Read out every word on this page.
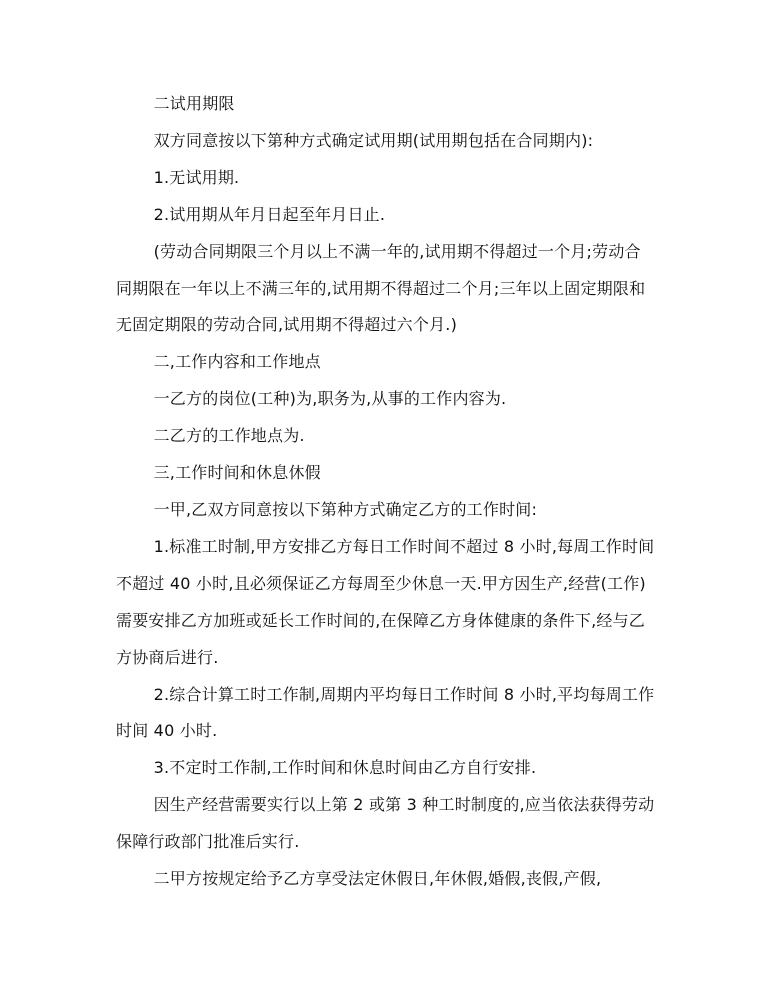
二试用期限

双方同意按以下第种方式确定试用期(试用期包括在合同期内):

1.无试用期.

2.试用期从年月日起至年月日止.

(劳动合同期限三个月以上不满一年的,试用期不得超过一个月;劳动合同期限在一年以上不满三年的,试用期不得超过二个月;三年以上固定期限和无固定期限的劳动合同,试用期不得超过六个月.)

二,工作内容和工作地点

一乙方的岗位(工种)为,职务为,从事的工作内容为.

二乙方的工作地点为.

三,工作时间和休息休假

一甲,乙双方同意按以下第种方式确定乙方的工作时间:

1.标准工时制,甲方安排乙方每日工作时间不超过 8 小时,每周工作时间不超过 40 小时,且必须保证乙方每周至少休息一天.甲方因生产,经营(工作)需要安排乙方加班或延长工作时间的,在保障乙方身体健康的条件下,经与乙方协商后进行.

2.综合计算工时工作制,周期内平均每日工作时间 8 小时,平均每周工作时间 40 小时.

3.不定时工作制,工作时间和休息时间由乙方自行安排.

因生产经营需要实行以上第 2 或第 3 种工时制度的,应当依法获得劳动保障行政部门批准后实行.

二甲方按规定给予乙方享受法定休假日,年休假,婚假,丧假,产假,
